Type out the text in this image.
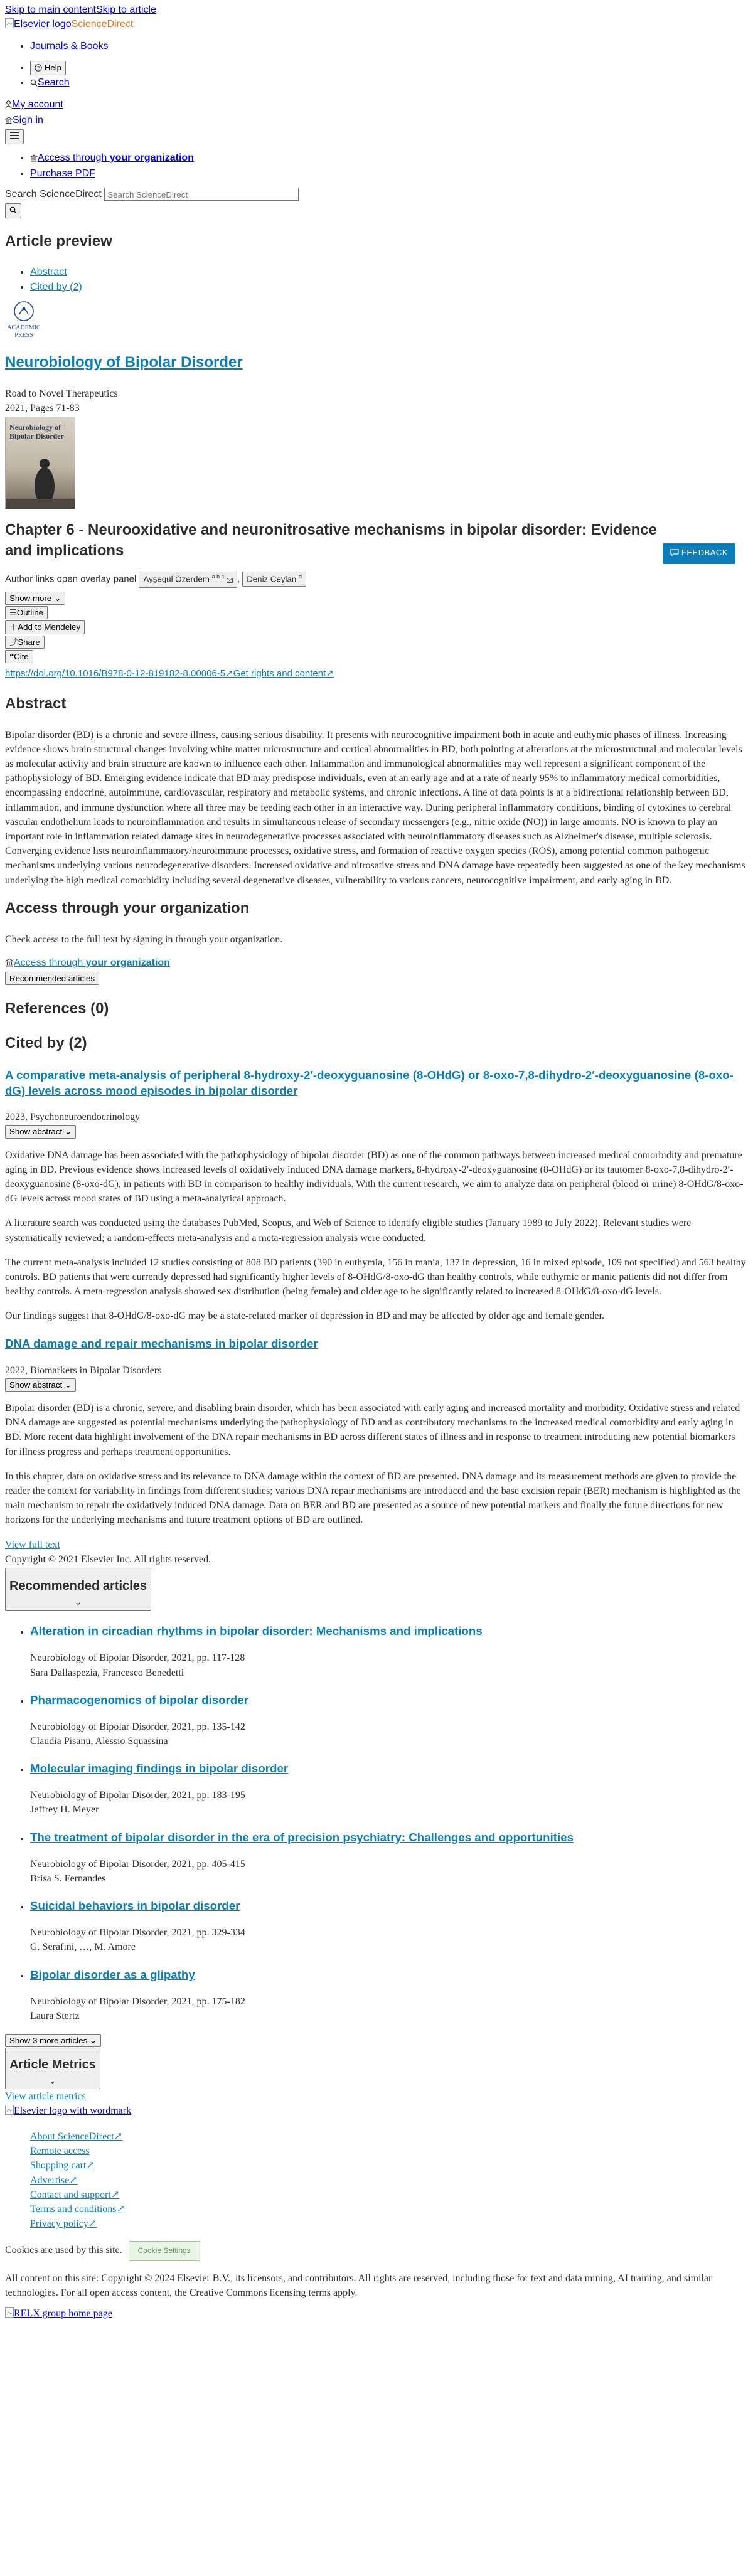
Skip to main contentSkip to article
Elsevier logoScienceDirect
• Journals & Books
• ? Help
• Search
My account
Sign in
• Access through your organization
• Purchase PDF
Search ScienceDirect Search ScienceDirect
Article preview
• Abstract
• Cited by (2)
ACADEMIC
PRESS
Neurobiology of Bipolar Disorder
Road to Novel Therapeutics
2021, Pages 71-83
Neurobiology of Bipolar Disorder
Chapter 6 - Neurooxidative and neuronitrosative mechanisms in bipolar disorder: Evidence and implications	FEEDBACK
Author links open overlay panel Ayşegül Özerdem $^{a b c}$ , Deniz Ceylan $^d$
Show more ⌄
☰Outline
＋Add to Mendeley
⤴Share
❝Cite
https://doi.org/10.1016/B978-0-12-819182-8.00006-5↗Get rights and content↗
Abstract

Bipolar disorder (BD) is a chronic and severe illness, causing serious disability. It presents with neurocognitive impairment both in acute and euthymic phases of illness. Increasing evidence shows brain structural changes involving white matter microstructure and cortical abnormalities in BD, both pointing at alterations at the microstructural and molecular levels as molecular activity and brain structure are known to influence each other. Inflammation and immunological abnormalities may well represent a significant component of the pathophysiology of BD. Emerging evidence indicate that BD may predispose individuals, even at an early age and at a rate of nearly 95% to inflammatory medical comorbidities, encompassing endocrine, autoimmune, cardiovascular, respiratory and metabolic systems, and chronic infections. A line of data points is at a bidirectional relationship between BD, inflammation, and immune dysfunction where all three may be feeding each other in an interactive way. During peripheral inflammatory conditions, binding of cytokines to cerebral vascular endothelium leads to neuroinflammation and results in simultaneous release of secondary messengers (e.g., nitric oxide (NO)) in large amounts. NO is known to play an important role in inflammation related damage sites in neurodegenerative processes associated with neuroinflammatory diseases such as Alzheimer's disease, multiple sclerosis. Converging evidence lists neuroinflammatory/neuroimmune processes, oxidative stress, and formation of reactive oxygen species (ROS), among potential common pathogenic mechanisms underlying various neurodegenerative disorders. Increased oxidative and nitrosative stress and DNA damage have repeatedly been suggested as one of the key mechanisms underlying the high medical comorbidity including several degenerative diseases, vulnerability to various cancers, neurocognitive impairment, and early aging in BD.

Access through your organization

Check access to the full text by signing in through your organization.

Access through your organization
Recommended articles
References (0)
Cited by (2)
A comparative meta-analysis of peripheral 8-hydroxy-2′-deoxyguanosine (8-OHdG) or 8-oxo-7,8-dihydro-2′-deoxyguanosine (8-oxo-dG) levels across mood episodes in bipolar disorder
2023, Psychoneuroendocrinology
Show abstract ⌄

Oxidative DNA damage has been associated with the pathophysiology of bipolar disorder (BD) as one of the common pathways between increased medical comorbidity and premature aging in BD. Previous evidence shows increased levels of oxidatively induced DNA damage markers, 8-hydroxy-2′-deoxyguanosine (8-OHdG) or its tautomer 8-oxo-7,8-dihydro-2′-deoxyguanosine (8-oxo-dG), in patients with BD in comparison to healthy individuals. With the current research, we aim to analyze data on peripheral (blood or urine) 8-OHdG/8-oxo-dG levels across mood states of BD using a meta-analytical approach.

A literature search was conducted using the databases PubMed, Scopus, and Web of Science to identify eligible studies (January 1989 to July 2022). Relevant studies were systematically reviewed; a random-effects meta-analysis and a meta-regression analysis were conducted.

The current meta-analysis included 12 studies consisting of 808 BD patients (390 in euthymia, 156 in mania, 137 in depression, 16 in mixed episode, 109 not specified) and 563 healthy controls. BD patients that were currently depressed had significantly higher levels of 8-OHdG/8-oxo-dG than healthy controls, while euthymic or manic patients did not differ from healthy controls. A meta-regression analysis showed sex distribution (being female) and older age to be significantly related to increased 8-OHdG/8-oxo-dG levels.

Our findings suggest that 8-OHdG/8-oxo-dG may be a state-related marker of depression in BD and may be affected by older age and female gender.

DNA damage and repair mechanisms in bipolar disorder
2022, Biomarkers in Bipolar Disorders
Show abstract ⌄

Bipolar disorder (BD) is a chronic, severe, and disabling brain disorder, which has been associated with early aging and increased mortality and morbidity. Oxidative stress and related DNA damage are suggested as potential mechanisms underlying the pathophysiology of BD and as contributory mechanisms to the increased medical comorbidity and early aging in BD. More recent data highlight involvement of the DNA repair mechanisms in BD across different states of illness and in response to treatment introducing new potential biomarkers for illness progress and perhaps treatment opportunities.

In this chapter, data on oxidative stress and its relevance to DNA damage within the context of BD are presented. DNA damage and its measurement methods are given to provide the reader the context for variability in findings from different studies; various DNA repair mechanisms are introduced and the base excision repair (BER) mechanism is highlighted as the main mechanism to repair the oxidatively induced DNA damage. Data on BER and BD are presented as a source of new potential markers and finally the future directions for new horizons for the underlying mechanisms and future treatment options of BD are outlined.

View full text
Copyright © 2021 Elsevier Inc. All rights reserved.
Recommended articles
⌄
• Alteration in circadian rhythms in bipolar disorder: Mechanisms and implications
Neurobiology of Bipolar Disorder, 2021, pp. 117-128
Sara Dallaspezia, Francesco Benedetti
• Pharmacogenomics of bipolar disorder
Neurobiology of Bipolar Disorder, 2021, pp. 135-142
Claudia Pisanu, Alessio Squassina
• Molecular imaging findings in bipolar disorder
Neurobiology of Bipolar Disorder, 2021, pp. 183-195
Jeffrey H. Meyer
• The treatment of bipolar disorder in the era of precision psychiatry: Challenges and opportunities
Neurobiology of Bipolar Disorder, 2021, pp. 405-415
Brisa S. Fernandes
• Suicidal behaviors in bipolar disorder
Neurobiology of Bipolar Disorder, 2021, pp. 329-334
G. Serafini, …, M. Amore
• Bipolar disorder as a glipathy
Neurobiology of Bipolar Disorder, 2021, pp. 175-182
Laura Stertz
Show 3 more articles ⌄
Article Metrics
⌄
View article metrics
Elsevier logo with wordmark
About ScienceDirect↗
Remote access
Shopping cart↗
Advertise↗
Contact and support↗
Terms and conditions↗
Privacy policy↗
Cookies are used by this site. Cookie Settings

All content on this site: Copyright © 2024 Elsevier B.V., its licensors, and contributors. All rights are reserved, including those for text and data mining, AI training, and similar technologies. For all open access content, the Creative Commons licensing terms apply.

RELX group home page
